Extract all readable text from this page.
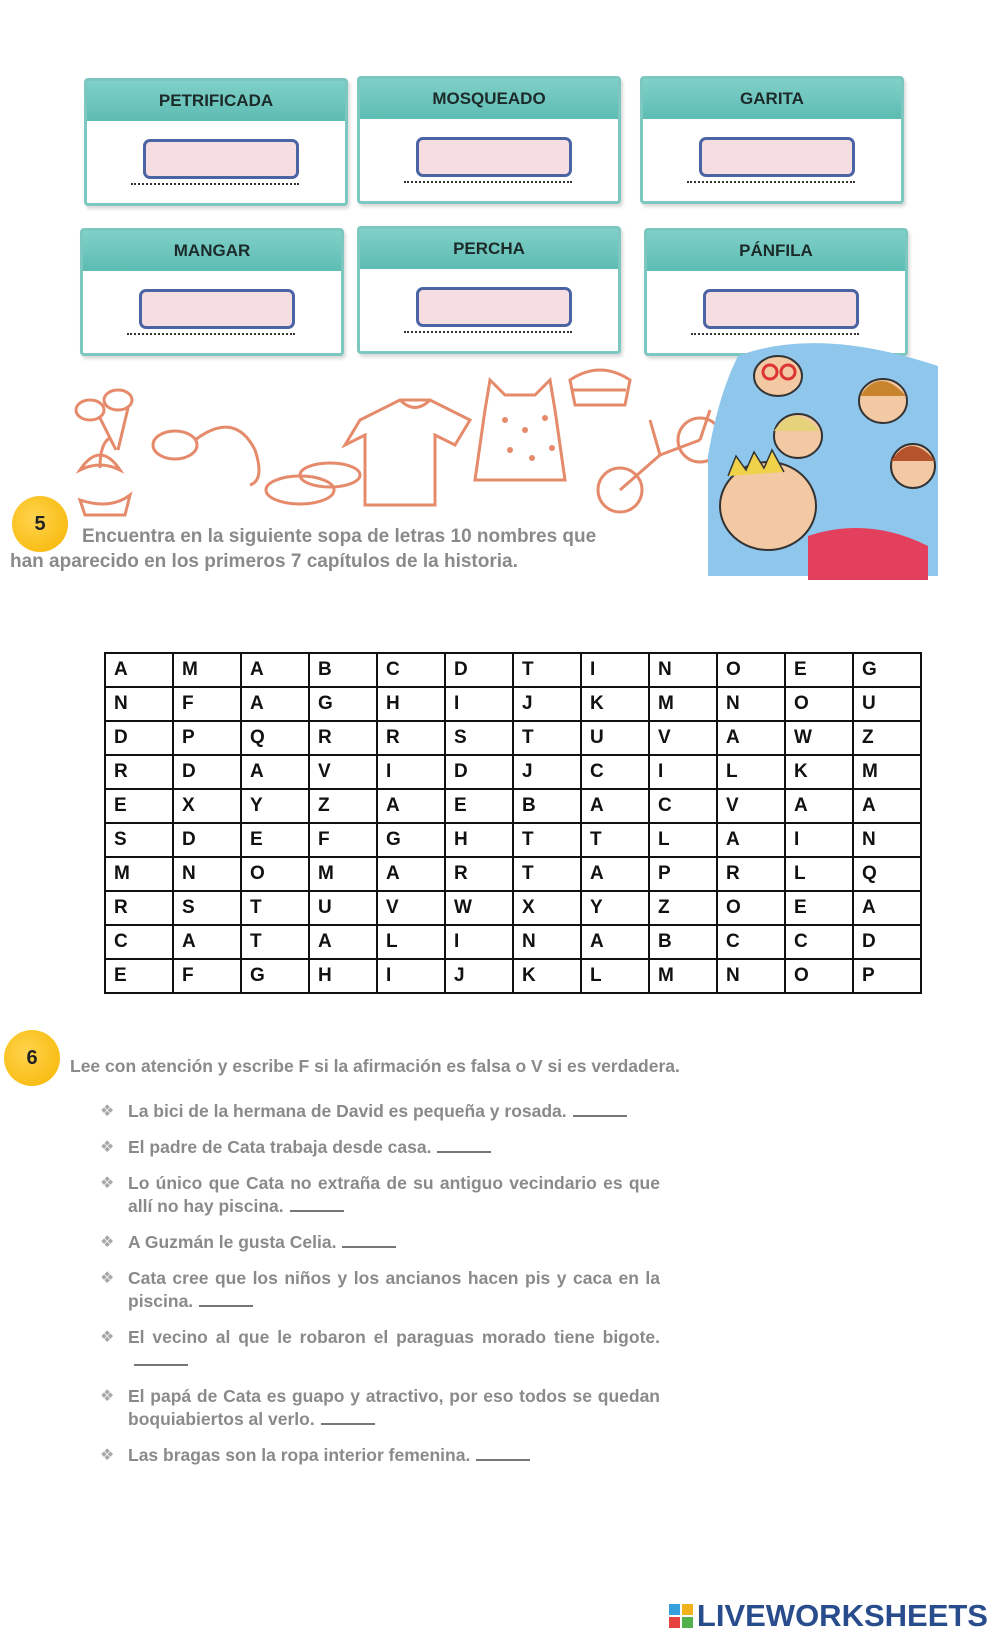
PETRIFICADA	MOSQUEADO	GARITA
MANGAR	PERCHA	PÁNFILA
5
Encuentra en la siguiente sopa de letras 10 nombres que han aparecido en los primeros 7 capítulos de la historia.
A	M	A	B	C	D	T	I	N	O	E	G
N	F	A	G	H	I	J	K	M	N	O	U
D	P	Q	R	R	S	T	U	V	A	W	Z
R	D	A	V	I	D	J	C	I	L	K	M
E	X	Y	Z	A	E	B	A	C	V	A	A
S	D	E	F	G	H	T	T	L	A	I	N
M	N	O	M	A	R	T	A	P	R	L	Q
R	S	T	U	V	W	X	Y	Z	O	E	A
C	A	T	A	L	I	N	A	B	C	C	D
E	F	G	H	I	J	K	L	M	N	O	P
6	Lee con atención y escribe F si la afirmación es falsa o V si es verdadera.
❖ La bici de la hermana de David es pequeña y rosada.
❖ El padre de Cata trabaja desde casa.
❖ Lo único que Cata no extraña de su antiguo vecindario es que allí no hay piscina.
❖ A Guzmán le gusta Celia.
❖ Cata cree que los niños y los ancianos hacen pis y caca en la piscina.
❖ El vecino al que le robaron el paraguas morado tiene bigote.
❖ El papá de Cata es guapo y atractivo, por eso todos se quedan boquiabiertos al verlo.
❖ Las bragas son la ropa interior femenina.
LIVEWORKSHEETS
